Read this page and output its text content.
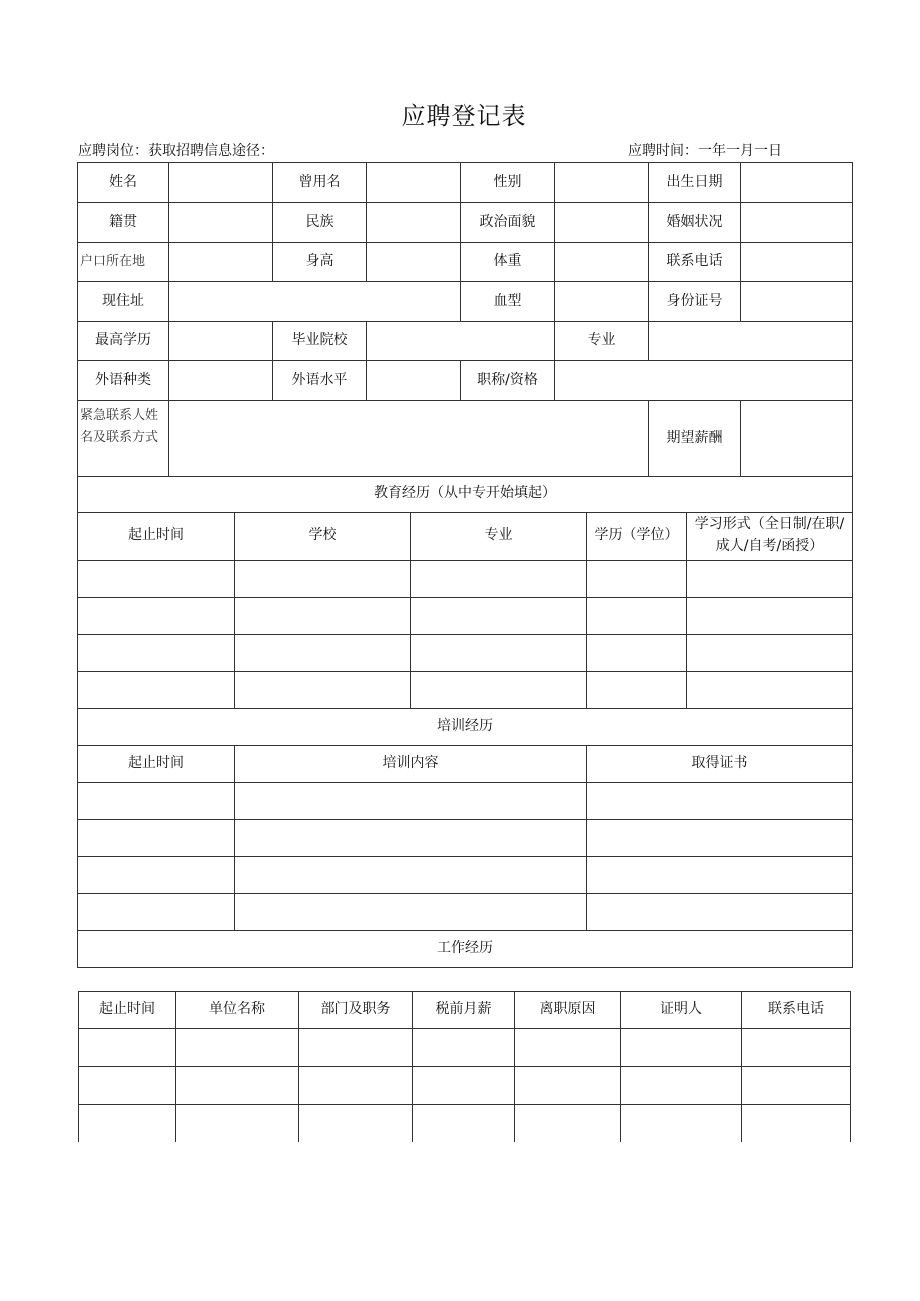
应聘登记表
应聘岗位：获取招聘信息途径：	应聘时间：一年一月一日
姓名		曾用名		性别		出生日期	
籍贯		民族		政治面貌		婚姻状况	
户口所在地		身高		体重		联系电话	
现住址				血型		身份证号	
最高学历		毕业院校			专业		
外语种类		外语水平		职称/资格			

紧急联系人姓
名及联系方式						期望薪酬	
教育经历（从中专开始填起）				
起止时间	学校	专业	学历（学位）	学习形式（全日制/在职/
成人/自考/函授）

培训经历		
起止时间	培训内容	取得证书

工作经历		
起止时间	单位名称	部门及职务	税前月薪	离职原因	证明人	联系电话
